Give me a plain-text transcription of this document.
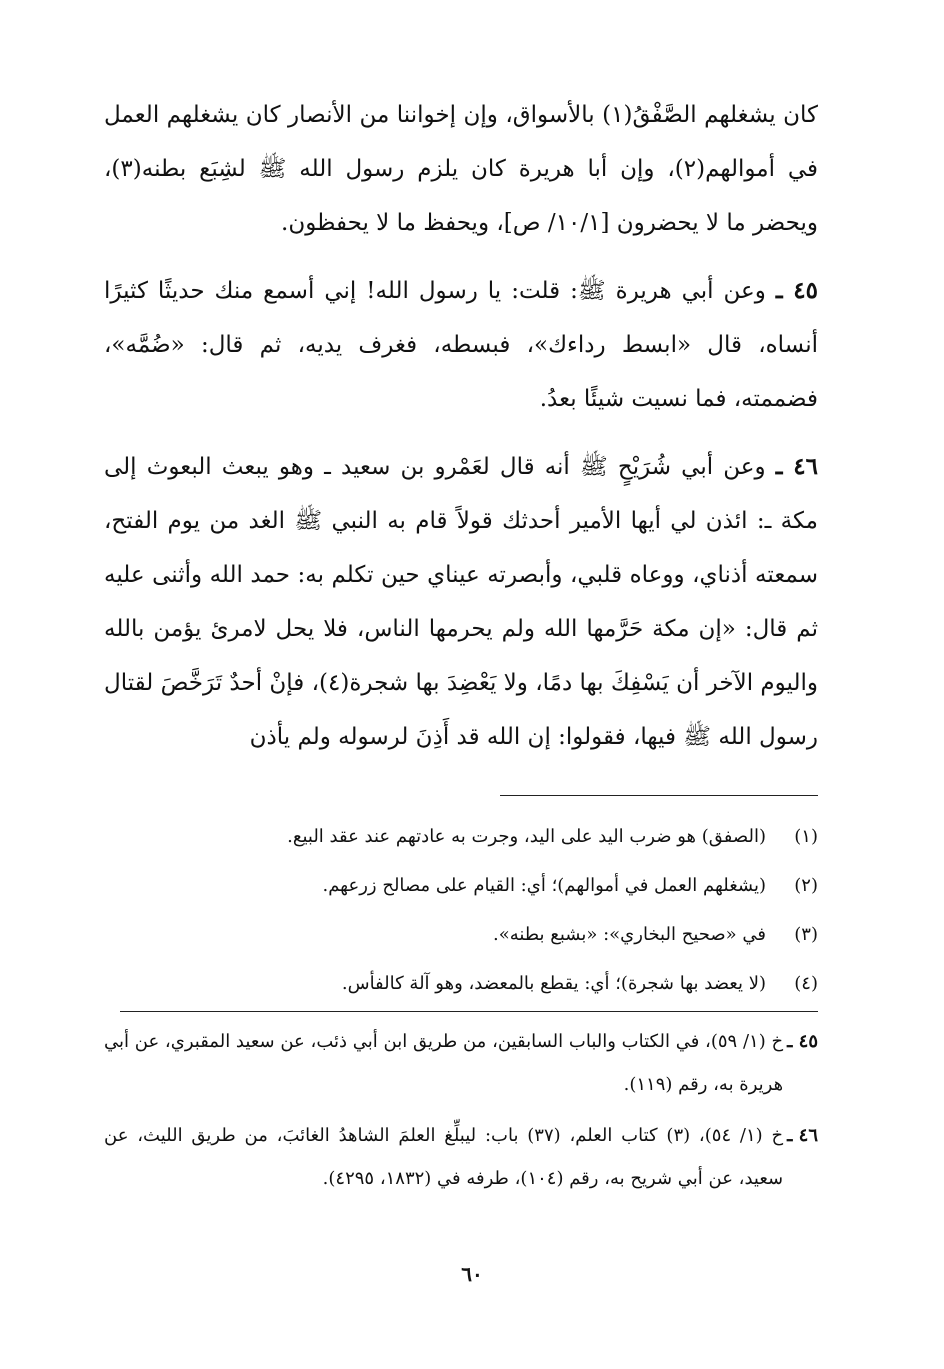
كان يشغلهم الصَّفْقُ(١) بالأسواق، وإن إخواننا من الأنصار كان يشغلهم العمل في أموالهم(٢)، وإن أبا هريرة كان يلزم رسول الله ﷺ لشِبَع بطنه(٣)، ويحضر ما لا يحضرون [١٠/١/ ص]، ويحفظ ما لا يحفظون.

٤٥ ـ وعن أبي هريرة ﷺ: قلت: يا رسول الله! إني أسمع منك حديثًا كثيرًا أنساه، قال «ابسط رداءك»، فبسطه، فغرف يديه، ثم قال: «ضُمَّه»، فضممته، فما نسيت شيئًا بعدُ.

٤٦ ـ وعن أبي شُرَيْحٍ ﷺ أنه قال لعَمْرو بن سعيد ـ وهو يبعث البعوث إلى مكة ـ: ائذن لي أيها الأمير أحدثك قولاً قام به النبي ﷺ الغد من يوم الفتح، سمعته أذناي، ووعاه قلبي، وأبصرته عيناي حين تكلم به: حمد الله وأثنى عليه ثم قال: «إن مكة حَرَّمها الله ولم يحرمها الناس، فلا يحل لامرئ يؤمن بالله واليوم الآخر أن يَسْفِكَ بها دمًا، ولا يَعْضِدَ بها شجرة(٤)، فإنْ أحدٌ تَرَخَّصَ لقتال رسول الله ﷺ فيها، فقولوا: إن الله قد أَذِنَ لرسوله ولم يأذن

(١)
(الصفق) هو ضرب اليد على اليد، وجرت به عادتهم عند عقد البيع.
(٢)
(يشغلهم العمل في أموالهم)؛ أي: القيام على مصالح زرعهم.
(٣)
في «صحيح البخاري»: «بشبع بطنه».
(٤)
(لا يعضد بها شجرة)؛ أي: يقطع بالمعضد، وهو آلة كالفأس.
٤٥ ـ
خ (١/ ٥٩)، في الكتاب والباب السابقين، من طريق ابن أبي ذئب، عن سعيد المقبري، عن أبي هريرة به، رقم (١١٩).
٤٦ ـ
خ (١/ ٥٤)، (٣) كتاب العلم، (٣٧) باب: ليبلِّغ العلمَ الشاهدُ الغائبَ، من طريق الليث، عن سعيد، عن أبي شريح به، رقم (١٠٤)، طرفه في (١٨٣٢، ٤٢٩٥).
٦٠
